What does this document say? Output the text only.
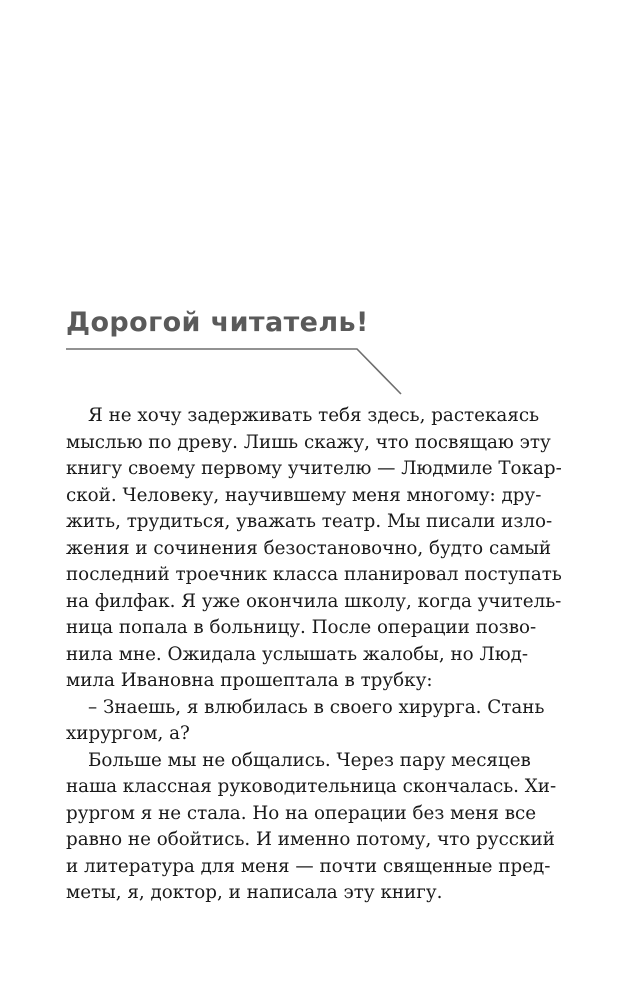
Дорогой читатель!
Я не хочу задерживать тебя здесь, растекаясь
мыслью по древу. Лишь скажу, что посвящаю эту
книгу своему первому учителю — Людмиле Токар-
ской. Человеку, научившему меня многому: дру-
жить, трудиться, уважать театр. Мы писали изло-
жения и сочинения безостановочно, будто самый
последний троечник класса планировал поступать
на филфак. Я уже окончила школу, когда учитель-
ница попала в больницу. После операции позво-
нила мне. Ожидала услышать жалобы, но Люд-
мила Ивановна прошептала в трубку:
– Знаешь, я влюбилась в своего хирурга. Стань
хирургом, а?
Больше мы не общались. Через пару месяцев
наша классная руководительница скончалась. Хи-
рургом я не стала. Но на операции без меня все
равно не обойтись. И именно потому, что русский
и литература для меня — почти священные пред-
меты, я, доктор, и написала эту книгу.
